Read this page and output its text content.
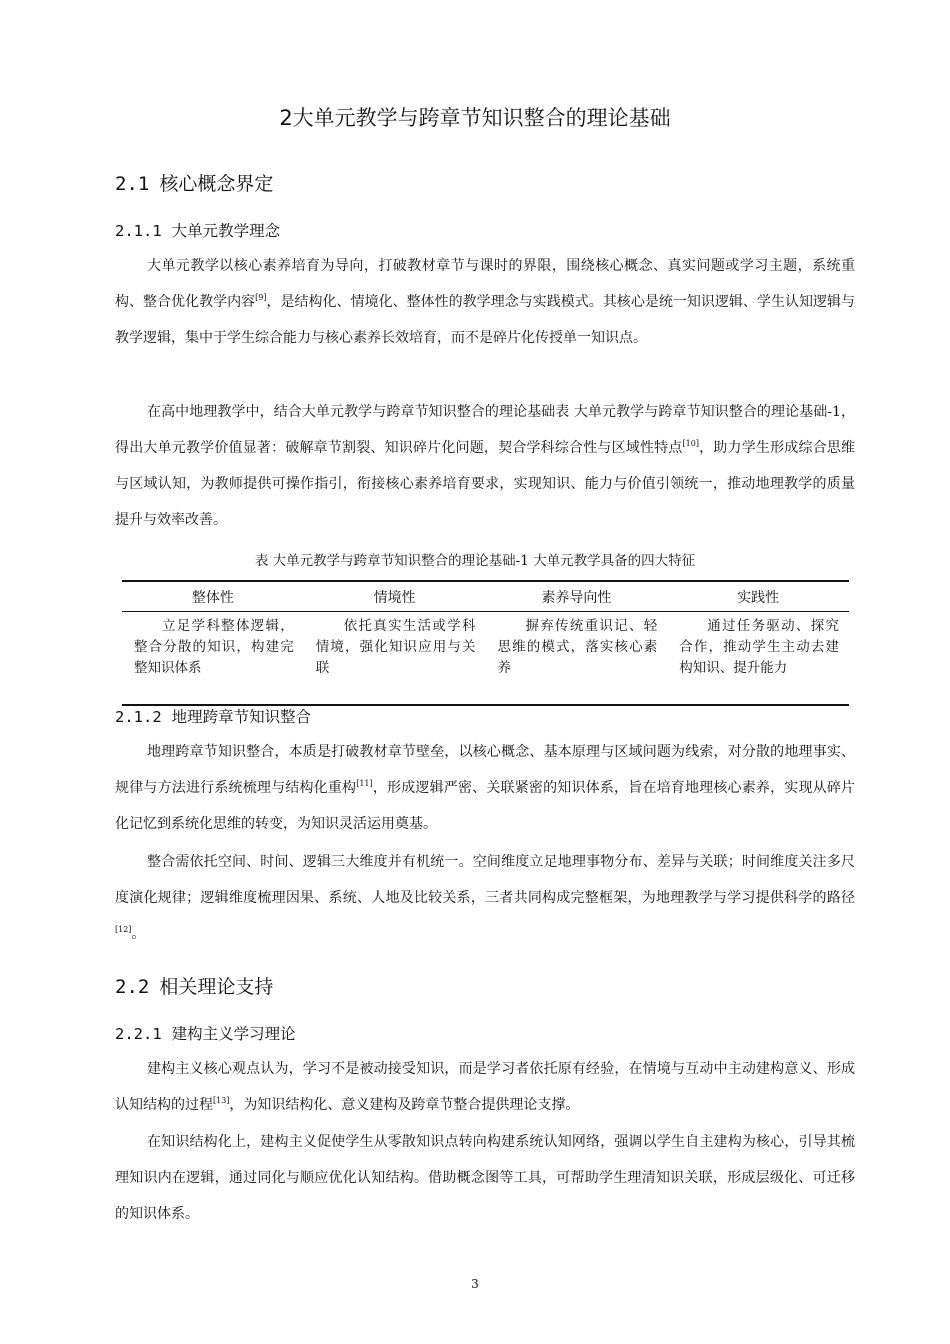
2大单元教学与跨章节知识整合的理论基础
2.1 核心概念界定
2.1.1 大单元教学理念

大单元教学以核心素养培育为导向，打破教材章节与课时的界限，围绕核心概念、真实问题或学习主题，系统重构、整合优化教学内容[9]，是结构化、情境化、整体性的教学理念与实践模式。其核心是统一知识逻辑、学生认知逻辑与教学逻辑，集中于学生综合能力与核心素养长效培育，而不是碎片化传授单一知识点。

在高中地理教学中，结合大单元教学与跨章节知识整合的理论基础表 大单元教学与跨章节知识整合的理论基础-1，得出大单元教学价值显著：破解章节割裂、知识碎片化问题，契合学科综合性与区域性特点[10]，助力学生形成综合思维与区域认知，为教师提供可操作指引，衔接核心素养培育要求，实现知识、能力与价值引领统一，推动地理教学的质量提升与效率改善。

表 大单元教学与跨章节知识整合的理论基础-1 大单元教学具备的四大特征
整体性	情境性	素养导向性	实践性
立足学科整体逻辑，整合分散的知识，构建完整知识体系	依托真实生活或学科情境，强化知识应用与关联	摒弃传统重识记、轻思维的模式，落实核心素养	通过任务驱动、探究合作，推动学生主动去建构知识、提升能力
2.1.2 地理跨章节知识整合

地理跨章节知识整合，本质是打破教材章节壁垒，以核心概念、基本原理与区域问题为线索，对分散的地理事实、规律与方法进行系统梳理与结构化重构[11]，形成逻辑严密、关联紧密的知识体系，旨在培育地理核心素养，实现从碎片化记忆到系统化思维的转变，为知识灵活运用奠基。

整合需依托空间、时间、逻辑三大维度并有机统一。空间维度立足地理事物分布、差异与关联；时间维度关注多尺度演化规律；逻辑维度梳理因果、系统、人地及比较关系，三者共同构成完整框架，为地理教学与学习提供科学的路径[12]。

2.2 相关理论支持
2.2.1 建构主义学习理论

建构主义核心观点认为，学习不是被动接受知识，而是学习者依托原有经验，在情境与互动中主动建构意义、形成认知结构的过程[13]，为知识结构化、意义建构及跨章节整合提供理论支撑。

在知识结构化上，建构主义促使学生从零散知识点转向构建系统认知网络，强调以学生自主建构为核心，引导其梳理知识内在逻辑，通过同化与顺应优化认知结构。借助概念图等工具，可帮助学生理清知识关联，形成层级化、可迁移的知识体系。

3
